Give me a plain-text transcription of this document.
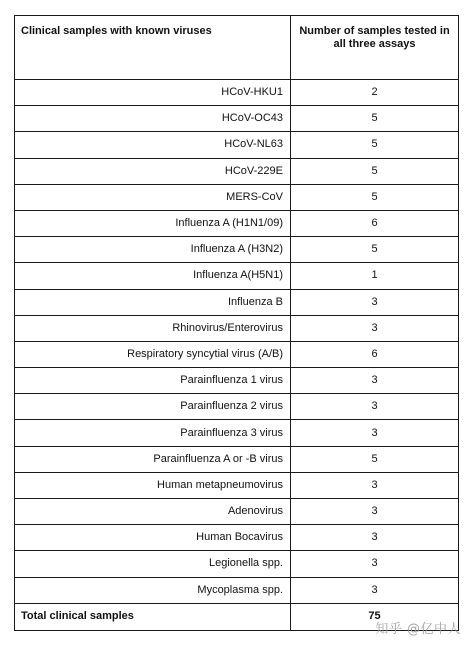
Clinical samples with known viruses	Number of samples tested in all three assays
HCoV-HKU1	2
HCoV-OC43	5
HCoV-NL63	5
HCoV-229E	5
MERS-CoV	5
Influenza A (H1N1/09)	6
Influenza A (H3N2)	5
Influenza A(H5N1)	1
Influenza B	3
Rhinovirus/Enterovirus	3
Respiratory syncytial virus (A/B)	6
Parainfluenza 1 virus	3
Parainfluenza 2 virus	3
Parainfluenza 3 virus	3
Parainfluenza A or -B virus	5
Human metapneumovirus	3
Adenovirus	3
Human Bocavirus	3
Legionella spp.	3
Mycoplasma spp.	3
Total clinical samples	75
知乎 @亿中人
